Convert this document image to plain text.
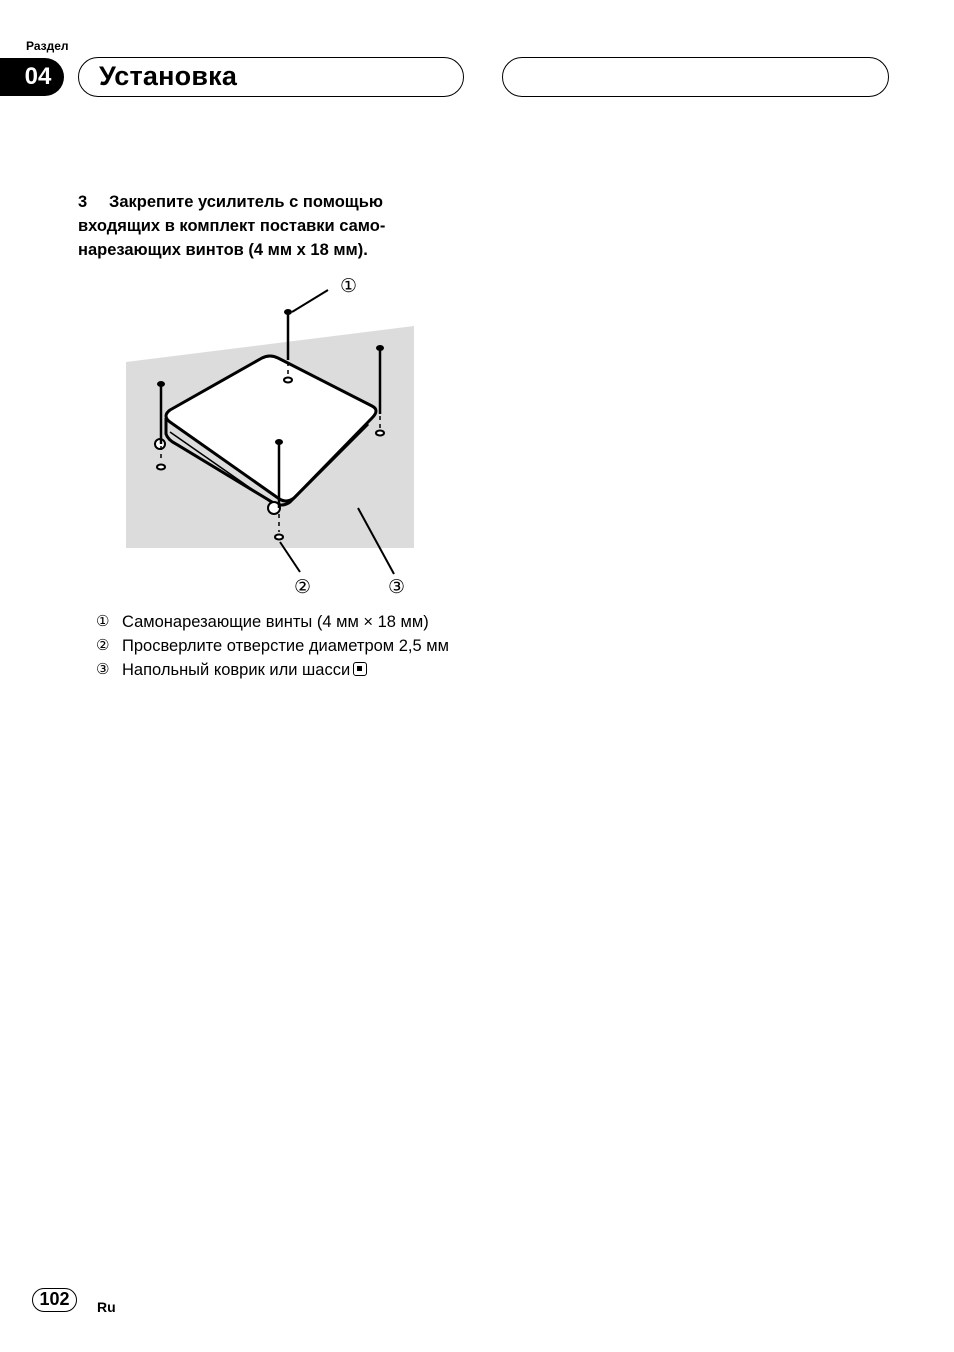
Раздел
04	Установка
3 Закрепите усилитель с помощью входящих в комплект поставки само-нарезающих винтов (4 мм x 18 мм).
①
②	③
① Самонарезающие винты (4 мм × 18 мм)
② Просверлите отверстие диаметром 2,5 мм
③ Напольный коврик или шасси
102	Ru
